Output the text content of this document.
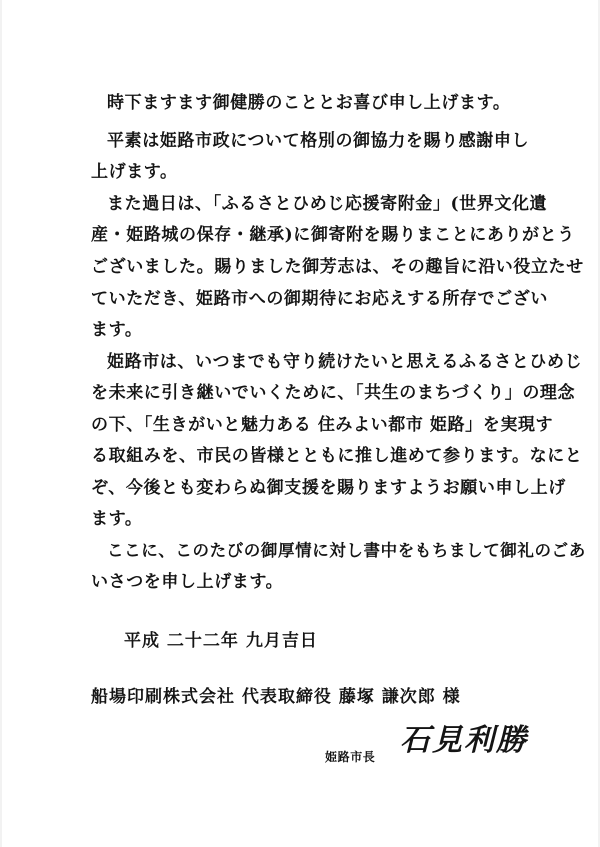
時下ますます御健勝のこととお喜び申し上げます。
平素は姫路市政について格別の御協力を賜り感謝申し
上げます。
また過日は、「ふるさとひめじ応援寄附金」(世界文化遺
産・姫路城の保存・継承)に御寄附を賜りまことにありがとう
ございました。賜りました御芳志は、その趣旨に沿い役立たせ
ていただき、姫路市への御期待にお応えする所存でござい
ます。
姫路市は、いつまでも守り続けたいと思えるふるさとひめじ
を未来に引き継いでいくために、「共生のまちづくり」の理念
の下、「生きがいと魅力ある 住みよい都市 姫路」を実現す
る取組みを、市民の皆様とともに推し進めて参ります。なにと
ぞ、今後とも変わらぬ御支援を賜りますようお願い申し上げ
ます。
ここに、このたびの御厚情に対し書中をもちまして御礼のごあ
いさつを申し上げます。
平成 二十二年 九月吉日
船場印刷株式会社 代表取締役 藤塚 謙次郎 様
姫路市長 石見利勝
